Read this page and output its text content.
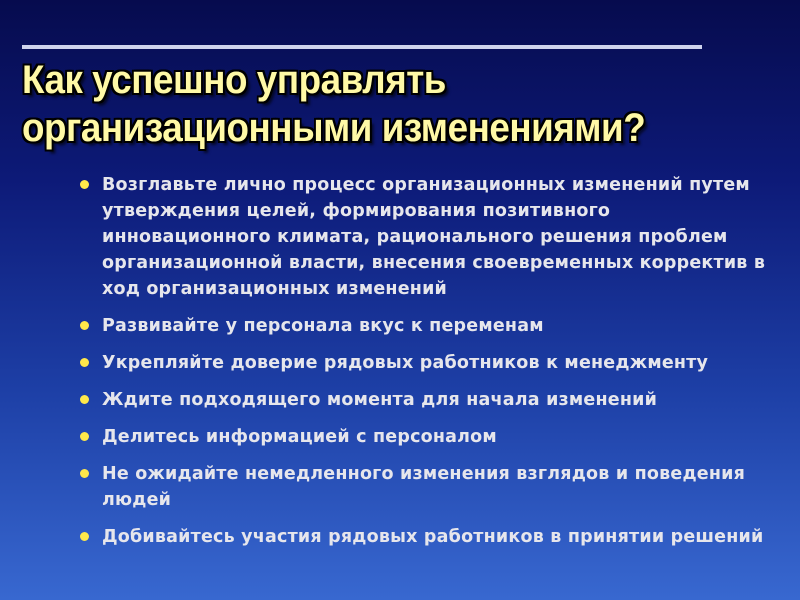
Как успешно управлять
организационными изменениями?
Возглавьте лично процесс организационных изменений путем утверждения целей, формирования позитивного инновационного климата, рационального решения проблем организационной власти, внесения своевременных корректив в ход организационных изменений
Развивайте у персонала вкус к переменам
Укрепляйте доверие рядовых работников к менеджменту
Ждите подходящего момента для начала изменений
Делитесь информацией с персоналом
Не ожидайте немедленного изменения взглядов и поведения людей
Добивайтесь участия рядовых работников в принятии решений
